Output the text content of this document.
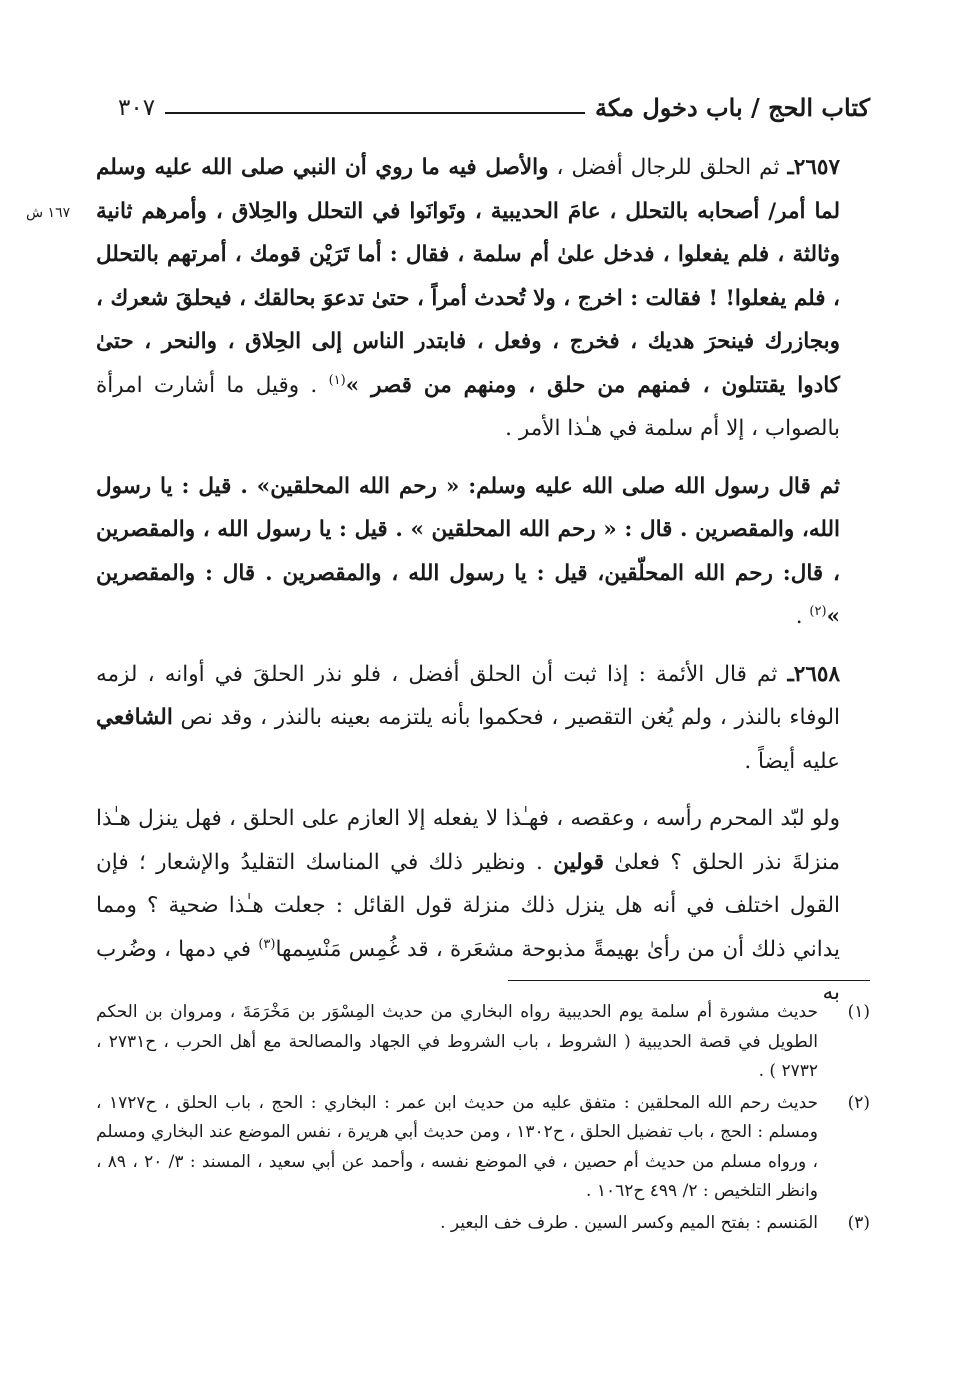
كتاب الحج / باب دخول مكة
٣٠٧
١٦٧ ش

٢٦٥٧ـ ثم الحلق للرجال أفضل ، والأصل فيه ما روي أن النبي صلى الله عليه وسلم لما أمر/ أصحابه بالتحلل ، عامَ الحديبية ، وتَوانَوا في التحلل والحِلاق ، وأمرهم ثانية وثالثة ، فلم يفعلوا ، فدخل علىٰ أم سلمة ، فقال : أما تَرَيْن قومك ، أمرتهم بالتحلل ، فلم يفعلوا! ! فقالت : اخرج ، ولا تُحدث أمراً ، حتىٰ تدعوَ بحالقك ، فيحلقَ شعرك ، وبجازرك فينحرَ هديك ، فخرج ، وفعل ، فابتدر الناس إلى الحِلاق ، والنحر ، حتىٰ كادوا يقتتلون ، فمنهم من حلق ، ومنهم من قصر »$^{(١)}$ . وقيل ما أشارت امرأة بالصواب ، إلا أم سلمة في هـٰذا الأمر .

ثم قال رسول الله صلى الله عليه وسلم: « رحم الله المحلقين» . قيل : يا رسول الله، والمقصرين . قال : « رحم الله المحلقين » . قيل : يا رسول الله ، والمقصرين ، قال: رحم الله المحلّقين، قيل : يا رسول الله ، والمقصرين . قال : والمقصرين »$^{(٢)}$ .

٢٦٥٨ـ ثم قال الأئمة : إذا ثبت أن الحلق أفضل ، فلو نذر الحلقَ في أوانه ، لزمه الوفاء بالنذر ، ولم يُغن التقصير ، فحكموا بأنه يلتزمه بعينه بالنذر ، وقد نص الشافعي عليه أيضاً .

ولو لبّد المحرم رأسه ، وعقصه ، فهـٰذا لا يفعله إلا العازم على الحلق ، فهل ينزل هـٰذا منزلةَ نذر الحلق ؟ فعلىٰ قولين . ونظير ذلك في المناسك التقليدُ والإشعار ؛ فإن القول اختلف في أنه هل ينزل ذلك منزلة قول القائل : جعلت هـٰذا ضحية ؟ ومما يداني ذلك أن من رأىٰ بهيمةً مذبوحة مشعَرة ، قد غُمِس مَنْسِمها$^{(٣)}$ في دمها ، وضُرب به

(١)
حديث مشورة أم سلمة يوم الحديبية رواه البخاري من حديث المِسْوَر بن مَخْرَمَةَ ، ومروان بن الحكم الطويل في قصة الحديبية ( الشروط ، باب الشروط في الجهاد والمصالحة مع أهل الحرب ، ح٢٧٣١ ، ٢٧٣٢ ) .
(٢)
حديث رحم الله المحلقين : متفق عليه من حديث ابن عمر : البخاري : الحج ، باب الحلق ، ح١٧٢٧ ، ومسلم : الحج ، باب تفضيل الحلق ، ح١٣٠٢ ، ومن حديث أبي هريرة ، نفس الموضع عند البخاري ومسلم ، ورواه مسلم من حديث أم حصين ، في الموضع نفسه ، وأحمد عن أبي سعيد ، المسند : ٣/ ٢٠ ، ٨٩ ، وانظر التلخيص : ٢/ ٤٩٩ ح١٠٦٢ .
(٣)
المَنسم : بفتح الميم وكسر السين . طرف خف البعير .
